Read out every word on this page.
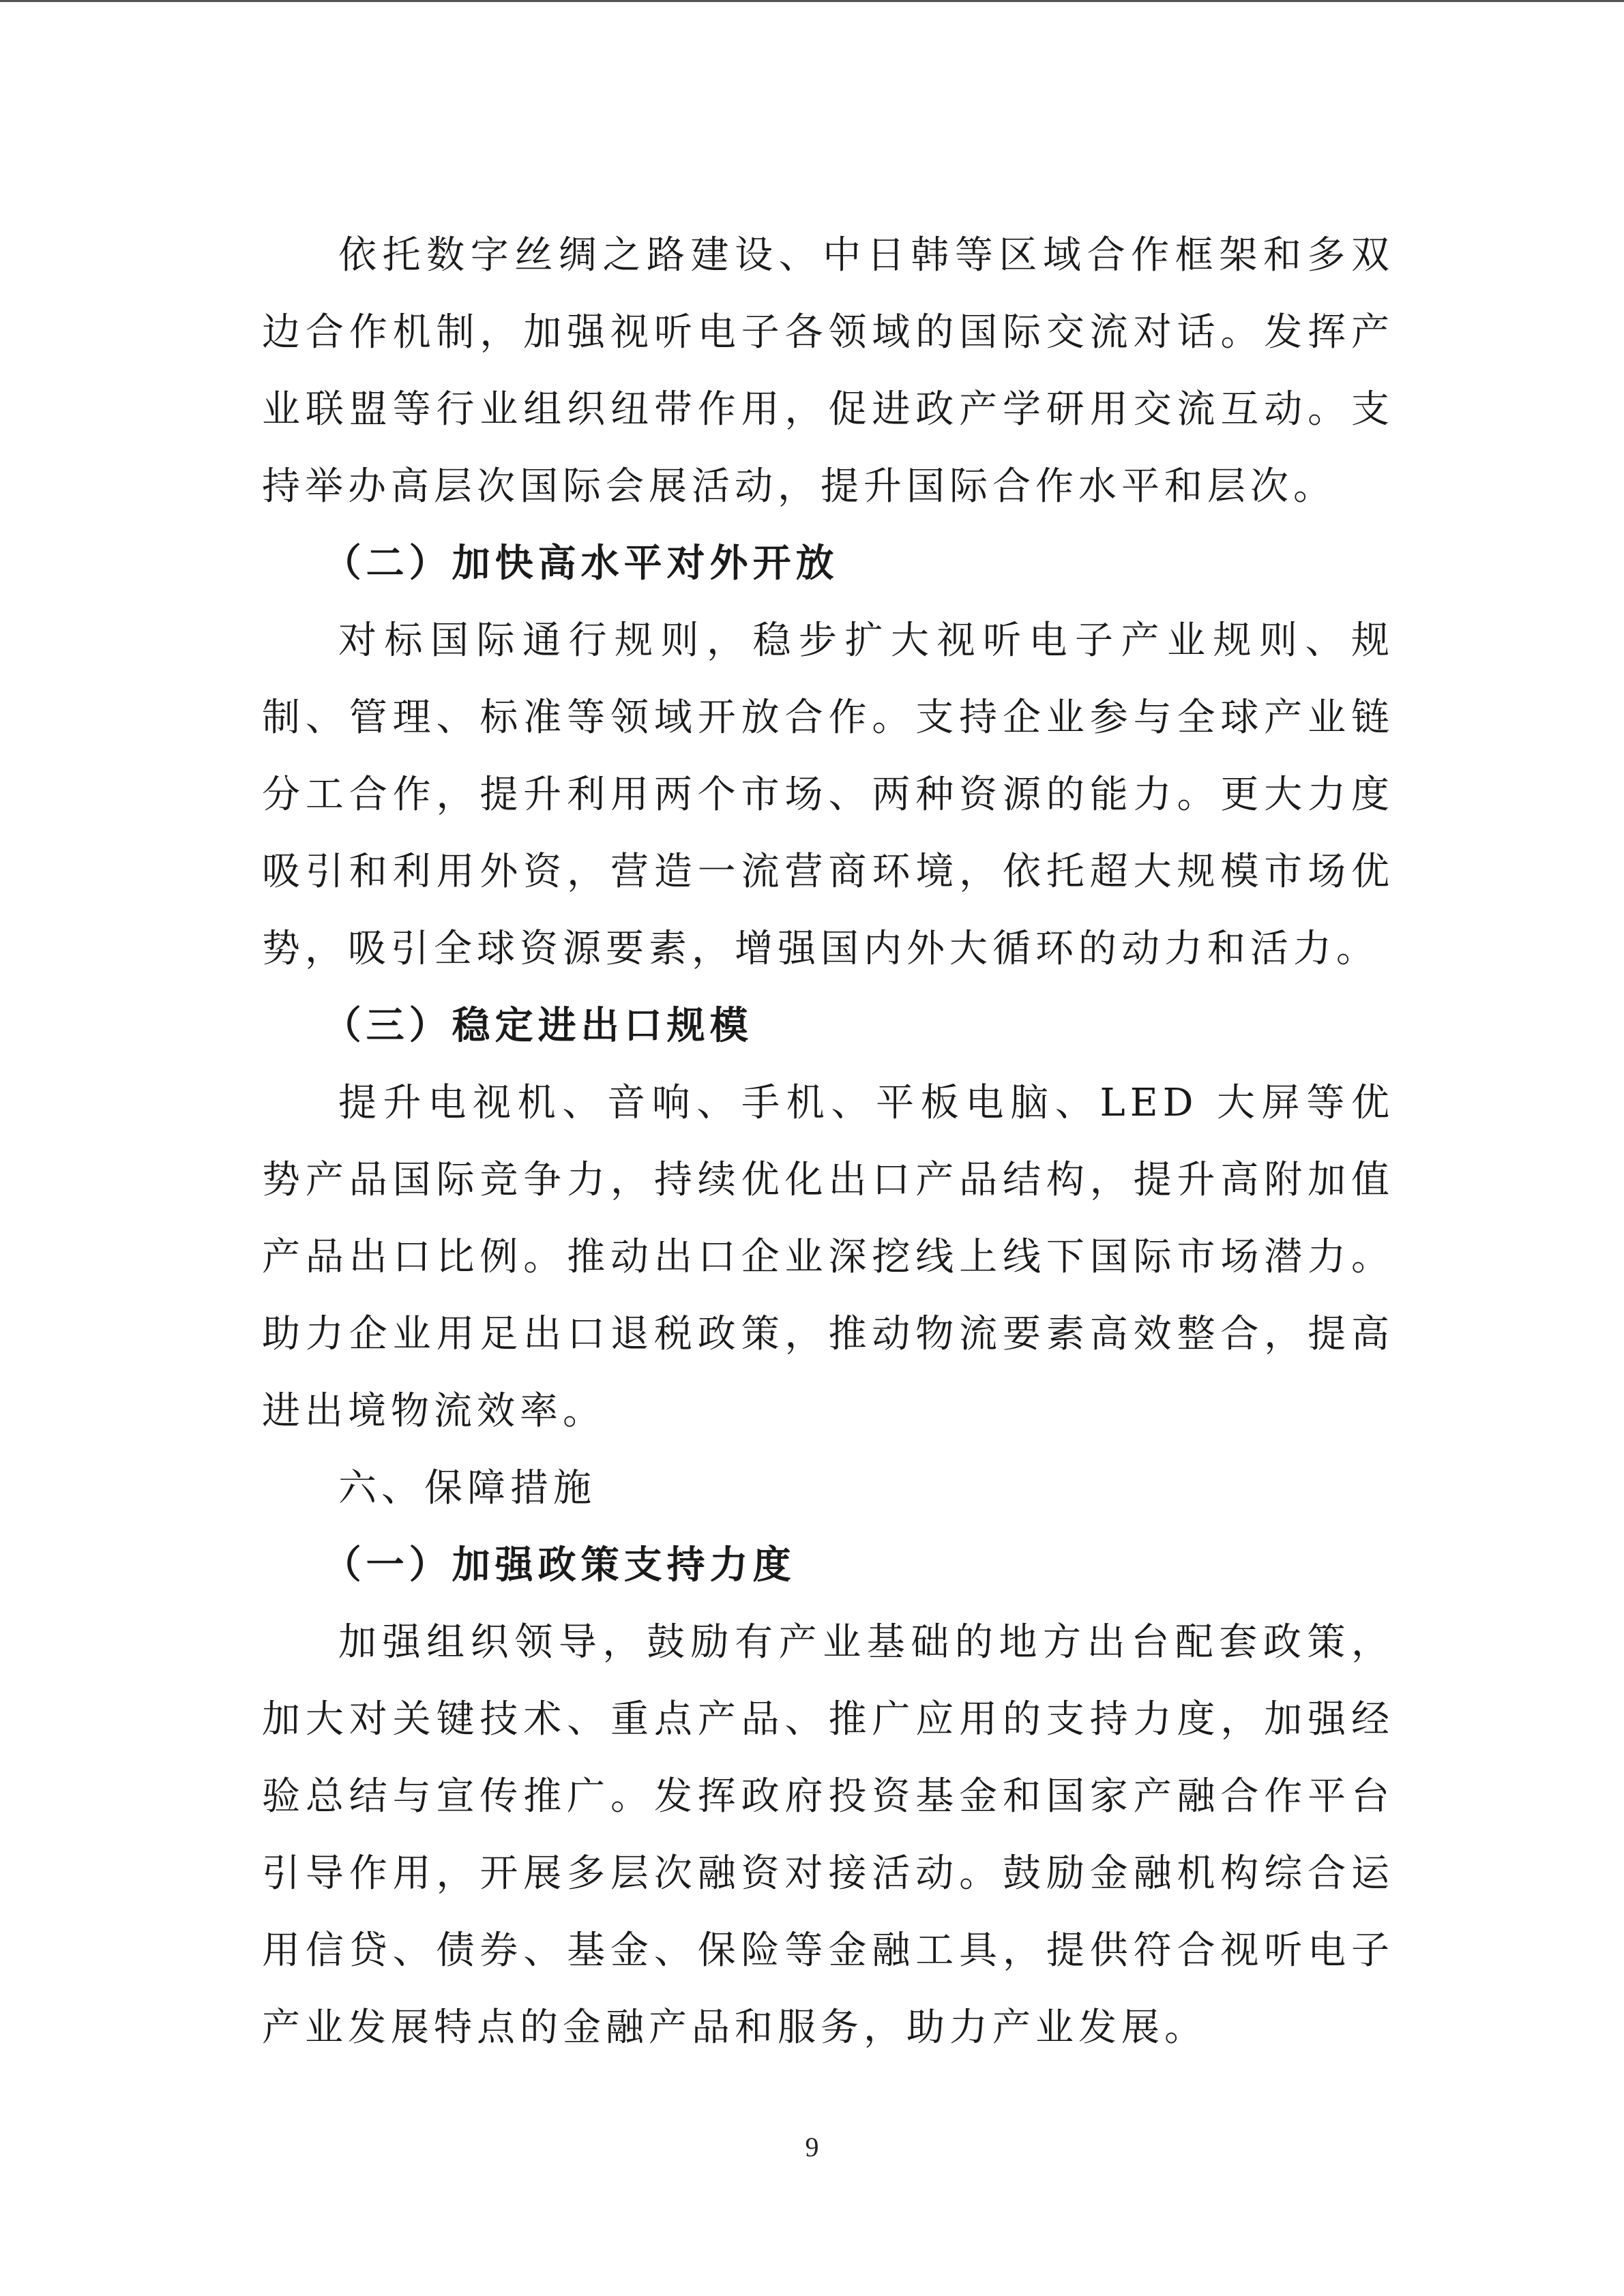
依托数字丝绸之路建设、中日韩等区域合作框架和多双边合作机制，加强视听电子各领域的国际交流对话。发挥产业联盟等行业组织纽带作用，促进政产学研用交流互动。支持举办高层次国际会展活动，提升国际合作水平和层次。

（二）加快高水平对外开放

对标国际通行规则，稳步扩大视听电子产业规则、规制、管理、标准等领域开放合作。支持企业参与全球产业链分工合作，提升利用两个市场、两种资源的能力。更大力度吸引和利用外资，营造一流营商环境，依托超大规模市场优势，吸引全球资源要素，增强国内外大循环的动力和活力。

（三）稳定进出口规模

提升电视机、音响、手机、平板电脑、LED 大屏等优势产品国际竞争力，持续优化出口产品结构，提升高附加值产品出口比例。推动出口企业深挖线上线下国际市场潜力。助力企业用足出口退税政策，推动物流要素高效整合，提高进出境物流效率。

六、保障措施

（一）加强政策支持力度

加强组织领导，鼓励有产业基础的地方出台配套政策，加大对关键技术、重点产品、推广应用的支持力度，加强经验总结与宣传推广。发挥政府投资基金和国家产融合作平台引导作用，开展多层次融资对接活动。鼓励金融机构综合运用信贷、债券、基金、保险等金融工具，提供符合视听电子产业发展特点的金融产品和服务，助力产业发展。

9
